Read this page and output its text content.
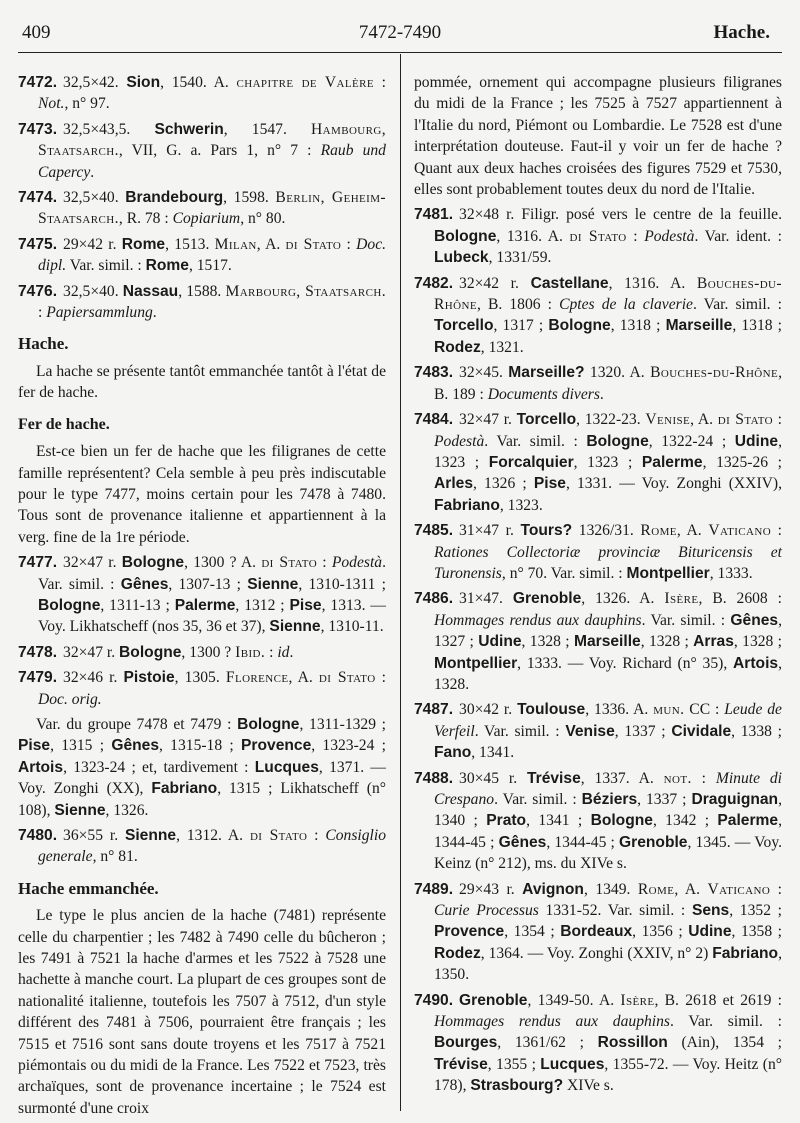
7472-7490
409	Hache.

7472. 32,5×42. Sion, 1540. A. chapitre de Valère : Not., n° 97.

7473. 32,5×43,5. Schwerin, 1547. Hambourg, Staatsarch., VII, G. a. Pars 1, n° 7 : Raub und Capercy.

7474. 32,5×40. Brandebourg, 1598. Berlin, Geheim-Staatsarch., R. 78 : Copiarium, n° 80.

7475. 29×42 r. Rome, 1513. Milan, A. di Stato : Doc. dipl. Var. simil. : Rome, 1517.

7476. 32,5×40. Nassau, 1588. Marbourg, Staatsarch. : Papiersammlung.

Hache.

La hache se présente tantôt emmanchée tantôt à l'état de fer de hache.

Fer de hache.

Est-ce bien un fer de hache que les filigranes de cette famille représentent? Cela semble à peu près indiscutable pour le type 7477, moins certain pour les 7478 à 7480. Tous sont de provenance italienne et appartiennent à la verg. fine de la 1re période.

7477. 32×47 r. Bologne, 1300 ? A. di Stato : Podestà. Var. simil. : Gênes, 1307-13 ; Sienne, 1310-1311 ; Bologne, 1311-13 ; Palerme, 1312 ; Pise, 1313. — Voy. Likhatscheff (nos 35, 36 et 37), Sienne, 1310-11.

7478. 32×47 r. Bologne, 1300 ? Ibid. : id.

7479. 32×46 r. Pistoie, 1305. Florence, A. di Stato : Doc. orig.

Var. du groupe 7478 et 7479 : Bologne, 1311-1329 ; Pise, 1315 ; Gênes, 1315-18 ; Provence, 1323-24 ; Artois, 1323-24 ; et, tardivement : Lucques, 1371. — Voy. Zonghi (XX), Fabriano, 1315 ; Likhatscheff (n° 108), Sienne, 1326.

7480. 36×55 r. Sienne, 1312. A. di Stato : Consiglio generale, n° 81.

Hache emmanchée.

Le type le plus ancien de la hache (7481) représente celle du charpentier ; les 7482 à 7490 celle du bûcheron ; les 7491 à 7521 la hache d'armes et les 7522 à 7528 une hachette à manche court. La plupart de ces groupes sont de nationalité italienne, toutefois les 7507 à 7512, d'un style différent des 7481 à 7506, pourraient être français ; les 7515 et 7516 sont sans doute troyens et les 7517 à 7521 piémontais ou du midi de la France. Les 7522 et 7523, très archaïques, sont de provenance incertaine ; le 7524 est surmonté d'une croix

pommée, ornement qui accompagne plusieurs filigranes du midi de la France ; les 7525 à 7527 appartiennent à l'Italie du nord, Piémont ou Lombardie. Le 7528 est d'une interprétation douteuse. Faut-il y voir un fer de hache ? Quant aux deux haches croisées des figures 7529 et 7530, elles sont probablement toutes deux du nord de l'Italie.

7481. 32×48 r. Filigr. posé vers le centre de la feuille. Bologne, 1316. A. di Stato : Podestà. Var. ident. : Lubeck, 1331/59.

7482. 32×42 r. Castellane, 1316. A. Bouches-du-Rhône, B. 1806 : Cptes de la claverie. Var. simil. : Torcello, 1317 ; Bologne, 1318 ; Marseille, 1318 ; Rodez, 1321.

7483. 32×45. Marseille? 1320. A. Bouches-du-Rhône, B. 189 : Documents divers.

7484. 32×47 r. Torcello, 1322-23. Venise, A. di Stato : Podestà. Var. simil. : Bologne, 1322-24 ; Udine, 1323 ; Forcalquier, 1323 ; Palerme, 1325-26 ; Arles, 1326 ; Pise, 1331. — Voy. Zonghi (XXIV), Fabriano, 1323.

7485. 31×47 r. Tours? 1326/31. Rome, A. Vaticano : Rationes Collectoriæ provinciæ Bituricensis et Turonensis, n° 70. Var. simil. : Montpellier, 1333.

7486. 31×47. Grenoble, 1326. A. Isère, B. 2608 : Hommages rendus aux dauphins. Var. simil. : Gênes, 1327 ; Udine, 1328 ; Marseille, 1328 ; Arras, 1328 ; Montpellier, 1333. — Voy. Richard (n° 35), Artois, 1328.

7487. 30×42 r. Toulouse, 1336. A. mun. CC : Leude de Verfeil. Var. simil. : Venise, 1337 ; Cividale, 1338 ; Fano, 1341.

7488. 30×45 r. Trévise, 1337. A. not. : Minute di Crespano. Var. simil. : Béziers, 1337 ; Draguignan, 1340 ; Prato, 1341 ; Bologne, 1342 ; Palerme, 1344-45 ; Gênes, 1344-45 ; Grenoble, 1345. — Voy. Keinz (n° 212), ms. du XIVe s.

7489. 29×43 r. Avignon, 1349. Rome, A. Vaticano : Curie Processus 1331-52. Var. simil. : Sens, 1352 ; Provence, 1354 ; Bordeaux, 1356 ; Udine, 1358 ; Rodez, 1364. — Voy. Zonghi (XXIV, n° 2) Fabriano, 1350.

7490. Grenoble, 1349-50. A. Isère, B. 2618 et 2619 : Hommages rendus aux dauphins. Var. simil. : Bourges, 1361/62 ; Rossillon (Ain), 1354 ; Trévise, 1355 ; Lucques, 1355-72. — Voy. Heitz (n° 178), Strasbourg? XIVe s.
